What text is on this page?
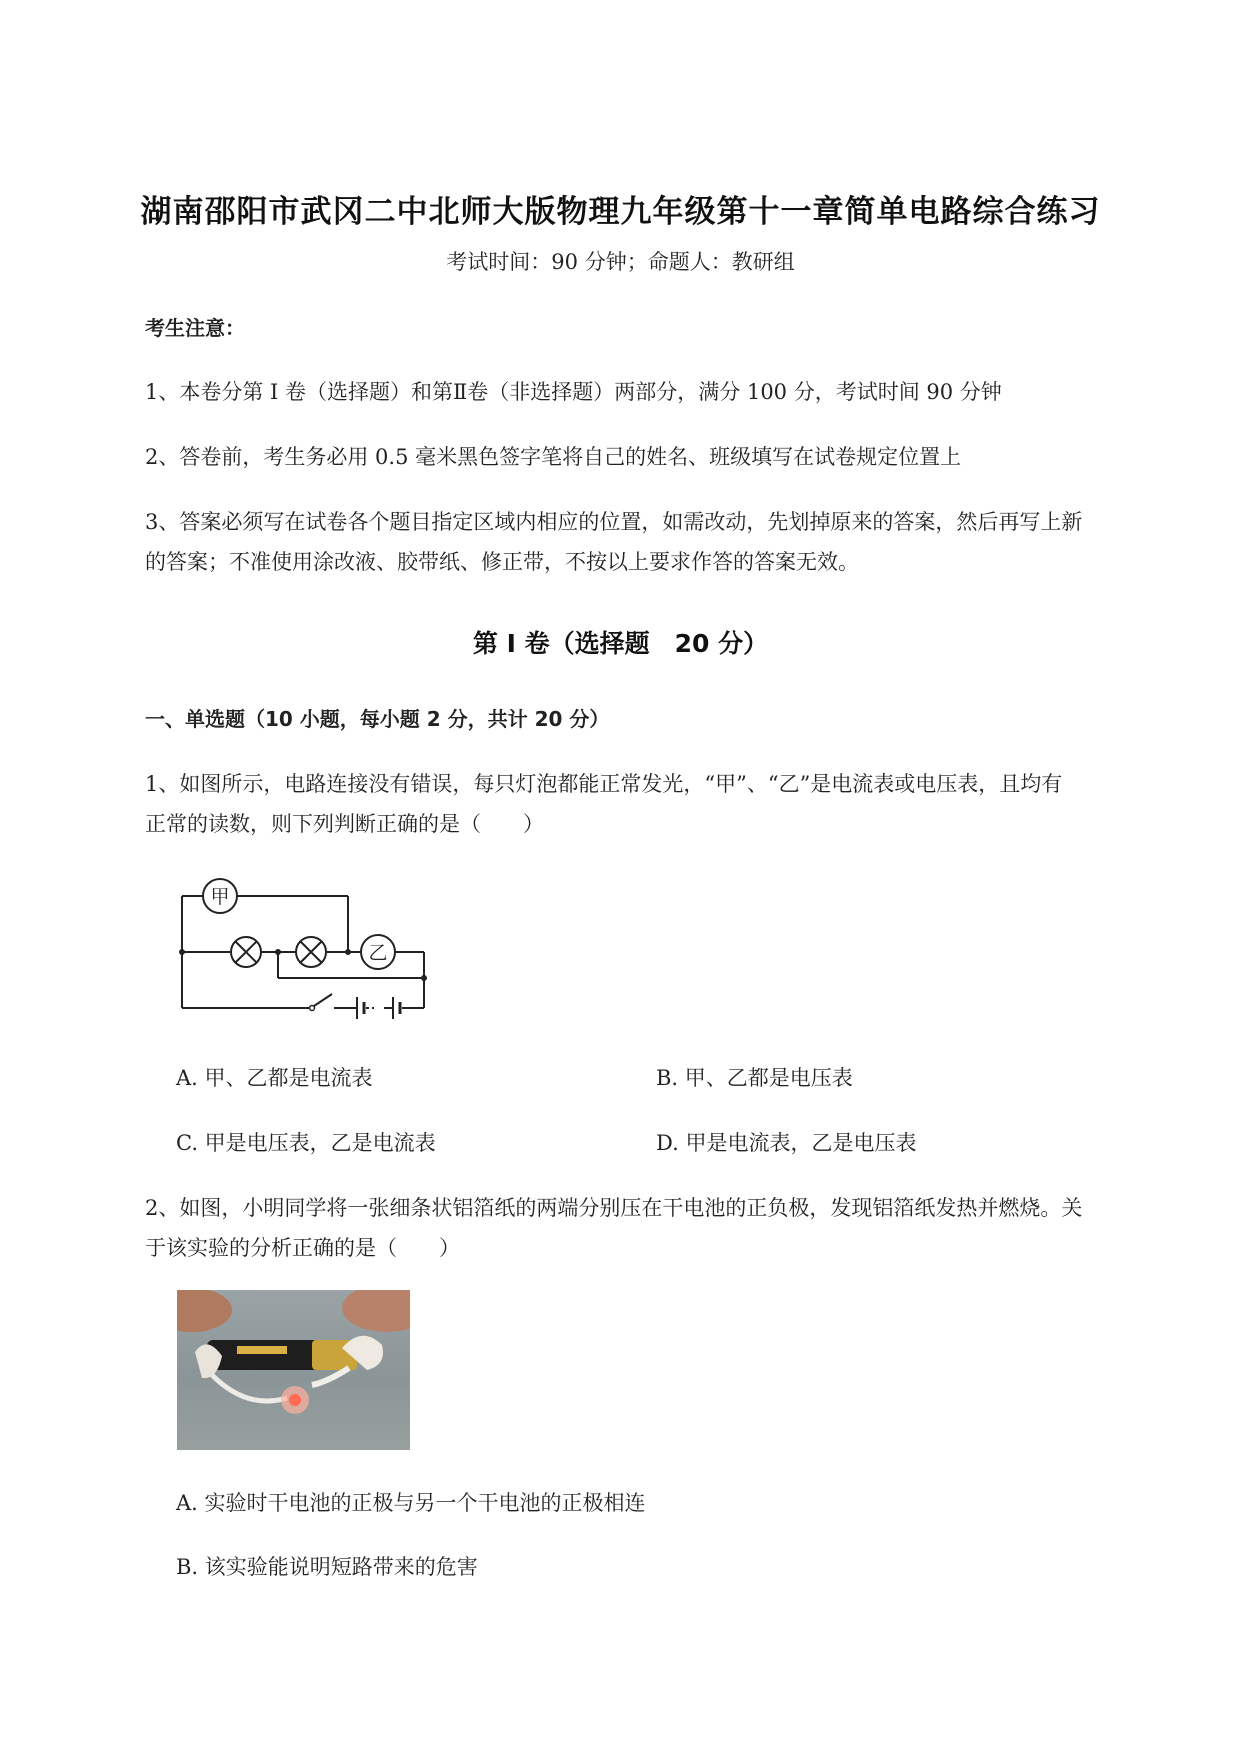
湖南邵阳市武冈二中北师大版物理九年级第十一章简单电路综合练习
考试时间：90 分钟；命题人：教研组
考生注意：
1、本卷分第 I 卷（选择题）和第Ⅱ卷（非选择题）两部分，满分 100 分，考试时间 90 分钟
2、答卷前，考生务必用 0.5 毫米黑色签字笔将自己的姓名、班级填写在试卷规定位置上
3、答案必须写在试卷各个题目指定区域内相应的位置，如需改动，先划掉原来的答案，然后再写上新
的答案；不准使用涂改液、胶带纸、修正带，不按以上要求作答的答案无效。
第 I 卷（选择题　20 分）
一、单选题（10 小题，每小题 2 分，共计 20 分）
1、如图所示，电路连接没有错误，每只灯泡都能正常发光，“甲”、“乙”是电流表或电压表，且均有
正常的读数，则下列判断正确的是（　　）
甲
乙
A. 甲、乙都是电流表	B. 甲、乙都是电压表
C. 甲是电压表，乙是电流表	D. 甲是电流表，乙是电压表
2、如图，小明同学将一张细条状铝箔纸的两端分别压在干电池的正负极，发现铝箔纸发热并燃烧。关
于该实验的分析正确的是（　　）
A. 实验时干电池的正极与另一个干电池的正极相连
B. 该实验能说明短路带来的危害
